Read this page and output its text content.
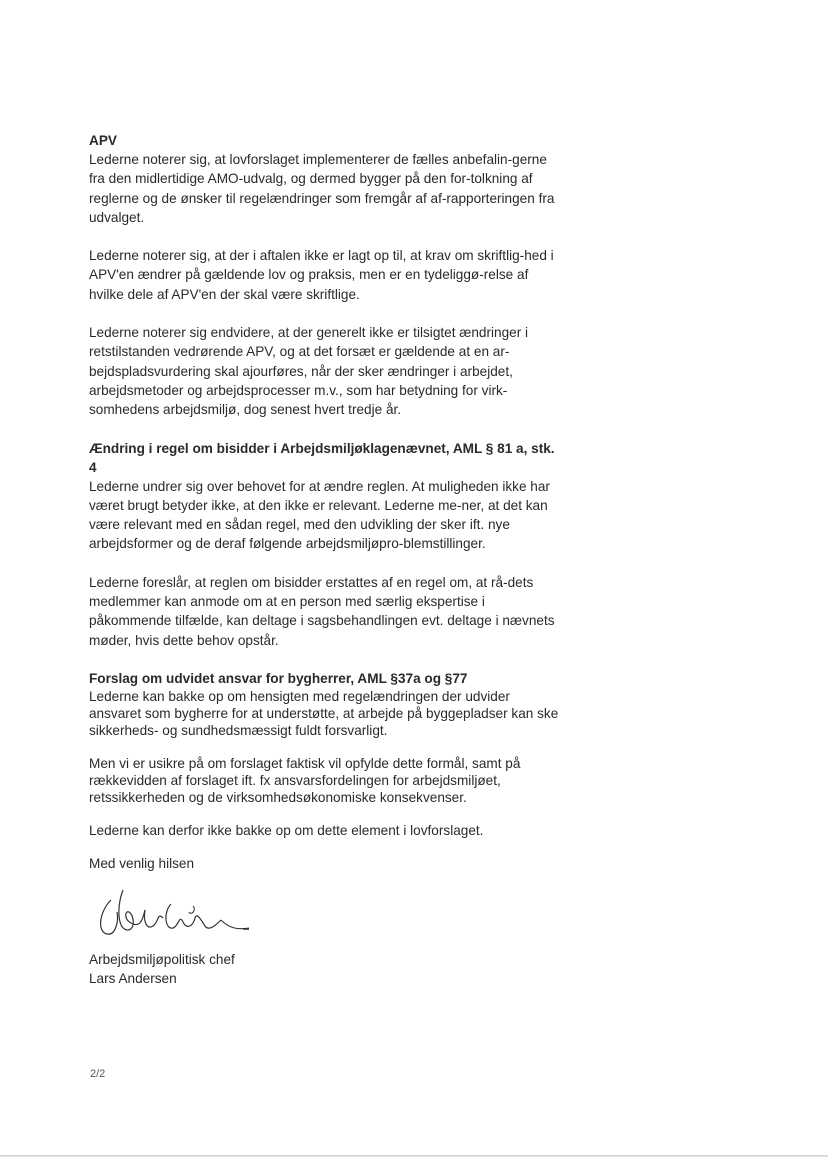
APV

Lederne noterer sig, at lovforslaget implementerer de fælles anbefalin-gerne fra den midlertidige AMO-udvalg, og dermed bygger på den for-tolkning af reglerne og de ønsker til regelændringer som fremgår af af-rapporteringen fra udvalget.

Lederne noterer sig, at der i aftalen ikke er lagt op til, at krav om skriftlig-hed i APV'en ændrer på gældende lov og praksis, men er en tydeliggø-relse af hvilke dele af APV'en der skal være skriftlige.

Lederne noterer sig endvidere, at der generelt ikke er tilsigtet ændringer i retstilstanden vedrørende APV, og at det forsæt er gældende at en ar-bejdspladsvurdering skal ajourføres, når der sker ændringer i arbejdet, arbejdsmetoder og arbejdsprocesser m.v., som har betydning for virk-somhedens arbejdsmiljø, dog senest hvert tredje år.

Ændring i regel om bisidder i Arbejdsmiljøklagenævnet, AML § 81 a, stk. 4

Lederne undrer sig over behovet for at ændre reglen. At muligheden ikke har været brugt betyder ikke, at den ikke er relevant. Lederne me-ner, at det kan være relevant med en sådan regel, med den udvikling der sker ift. nye arbejdsformer og de deraf følgende arbejdsmiljøpro-blemstillinger.

Lederne foreslår, at reglen om bisidder erstattes af en regel om, at rå-dets medlemmer kan anmode om at en person med særlig ekspertise i påkommende tilfælde, kan deltage i sagsbehandlingen evt. deltage i nævnets møder, hvis dette behov opstår.

Forslag om udvidet ansvar for bygherrer, AML §37a og §77

Lederne kan bakke op om hensigten med regelændringen der udvider ansvaret som bygherre for at understøtte, at arbejde på byggepladser kan ske sikkerheds- og sundhedsmæssigt fuldt forsvarligt.

Men vi er usikre på om forslaget faktisk vil opfylde dette formål, samt på rækkevidden af forslaget ift. fx ansvarsfordelingen for arbejdsmiljøet, retssikkerheden og de virksomhedsøkonomiske konsekvenser.

Lederne kan derfor ikke bakke op om dette element i lovforslaget.

Med venlig hilsen

Arbejdsmiljøpolitisk chef

Lars Andersen

2/2
